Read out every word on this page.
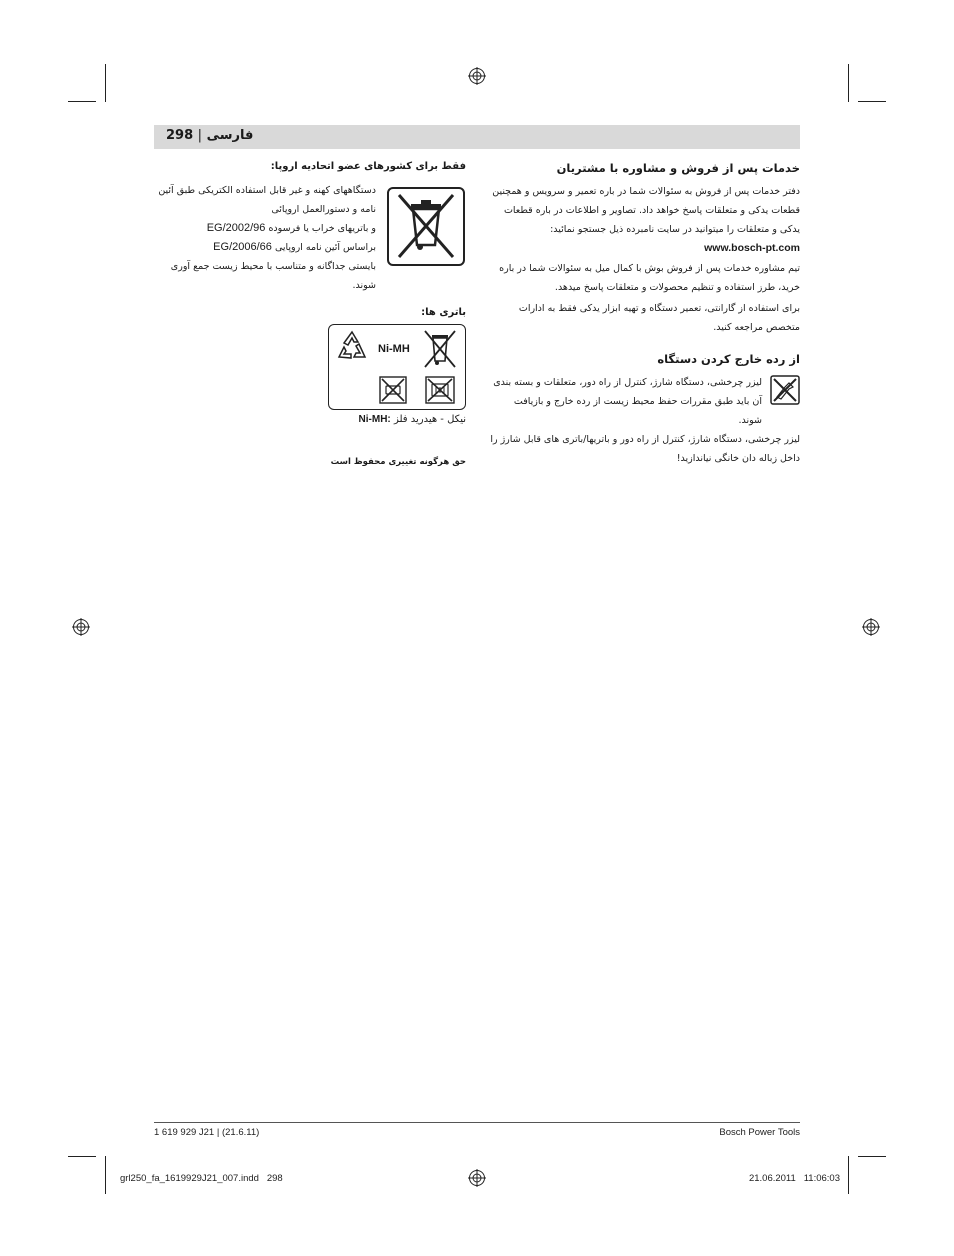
فارسی | 298
خدمات پس از فروش و مشاوره با مشتریان
دفتر خدمات پس از فروش به سئوالات شما در باره تعمیر و سرویس و همچنین قطعات یدکی و متعلقات پاسخ خواهد داد. تصاویر و اطلاعات در باره قطعات یدکی و متعلقات را میتوانید در سایت نامبرده ذیل جستجو نمائید:
www.bosch-pt.com
تیم مشاوره خدمات پس از فروش بوش با کمال میل به سئوالات شما در باره خرید، طرز استفاده و تنظیم محصولات و متعلقات پاسخ میدهد.
برای استفاده از گارانتی، تعمیر دستگاه و تهیه ابزار یدکی فقط به ادارات متخصص مراجعه کنید.
از رده خارج کردن دستگاه
لیزر چرخشی، دستگاه شارژ، کنترل از راه دور، متعلقات و بسته بندی آن باید طبق مقررات حفظ محیط زیست از رده خارج و بازیافت شوند.
لیزر چرخشی، دستگاه شارژ، کنترل از راه دور و باتریها/باتری های قابل شارژ را داخل زباله دان خانگی نیاندازید!
فقط برای کشورهای عضو اتحادیه اروپا:
دستگاههای کهنه و غیر قابل استفاده الکتریکی طبق آئین نامه و دستورالعمل اروپائی
و باتریهای خراب یا فرسوده 2002/96/EG
براساس آئین نامه اروپایی 2006/66/EG
بایستی جداگانه و متناسب با محیط زیست جمع آوری شوند.
باتری ها:
Ni-MH
Ni-MH: نیکل - هیدرید فلز
حق هرگونه تغییری محفوظ است
1 619 929 J21 | (21.6.11)	Bosch Power Tools
grl250_fa_1619929J21_007.indd   298	21.06.2011   11:06:03
